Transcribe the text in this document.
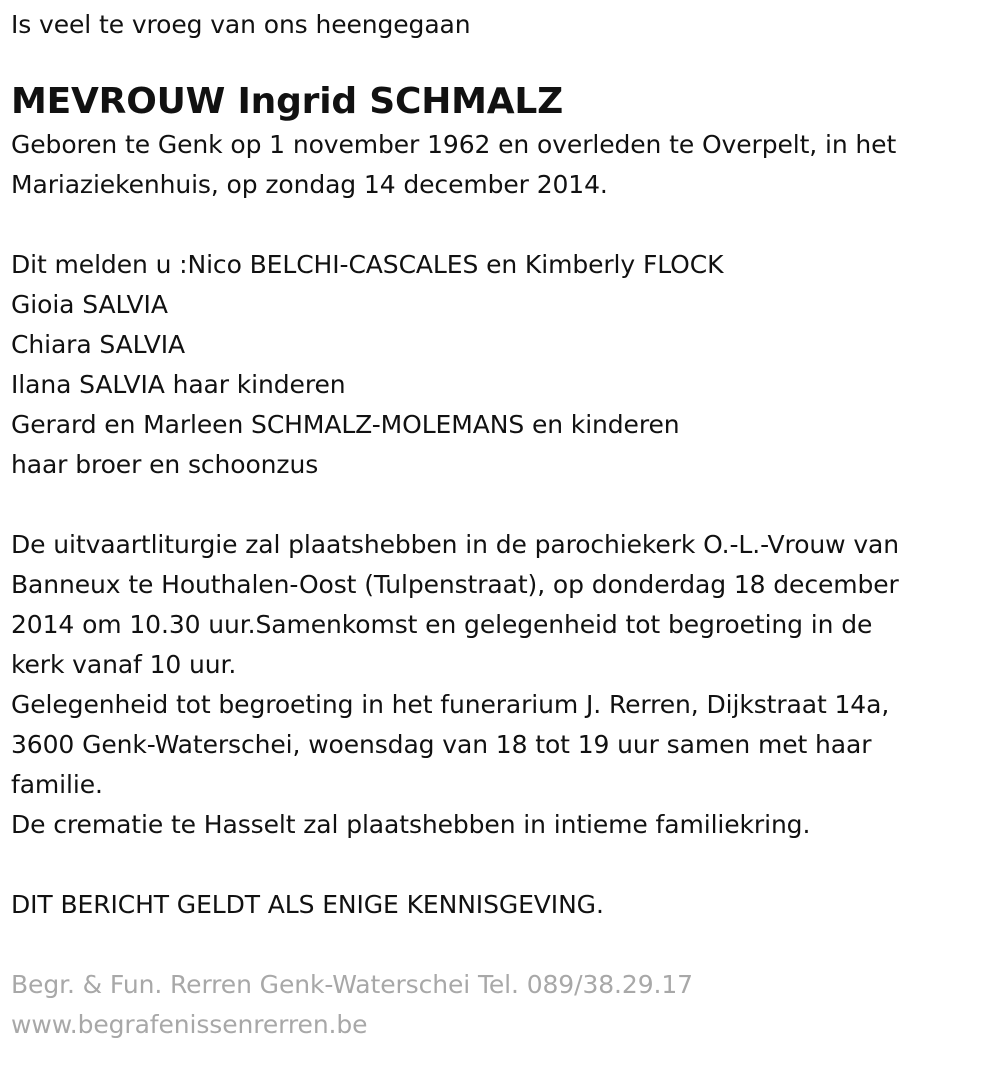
Is veel te vroeg van ons heengegaan
MEVROUW Ingrid SCHMALZ
Geboren te Genk op 1 november 1962 en overleden te Overpelt, in het
Mariaziekenhuis, op zondag 14 december 2014.
Dit melden u :Nico BELCHI-CASCALES en Kimberly FLOCK
Gioia SALVIA
Chiara SALVIA
Ilana SALVIA haar kinderen
Gerard en Marleen SCHMALZ-MOLEMANS en kinderen
haar broer en schoonzus
De uitvaartliturgie zal plaatshebben in de parochiekerk O.-L.-Vrouw van
Banneux te Houthalen-Oost (Tulpenstraat), op donderdag 18 december
2014 om 10.30 uur.Samenkomst en gelegenheid tot begroeting in de
kerk vanaf 10 uur.
Gelegenheid tot begroeting in het funerarium J. Rerren, Dijkstraat 14a,
3600 Genk-Waterschei, woensdag van 18 tot 19 uur samen met haar
familie.
De crematie te Hasselt zal plaatshebben in intieme familiekring.
DIT BERICHT GELDT ALS ENIGE KENNISGEVING.
Begr. & Fun. Rerren Genk-Waterschei Tel. 089/38.29.17
www.begrafenissenrerren.be
